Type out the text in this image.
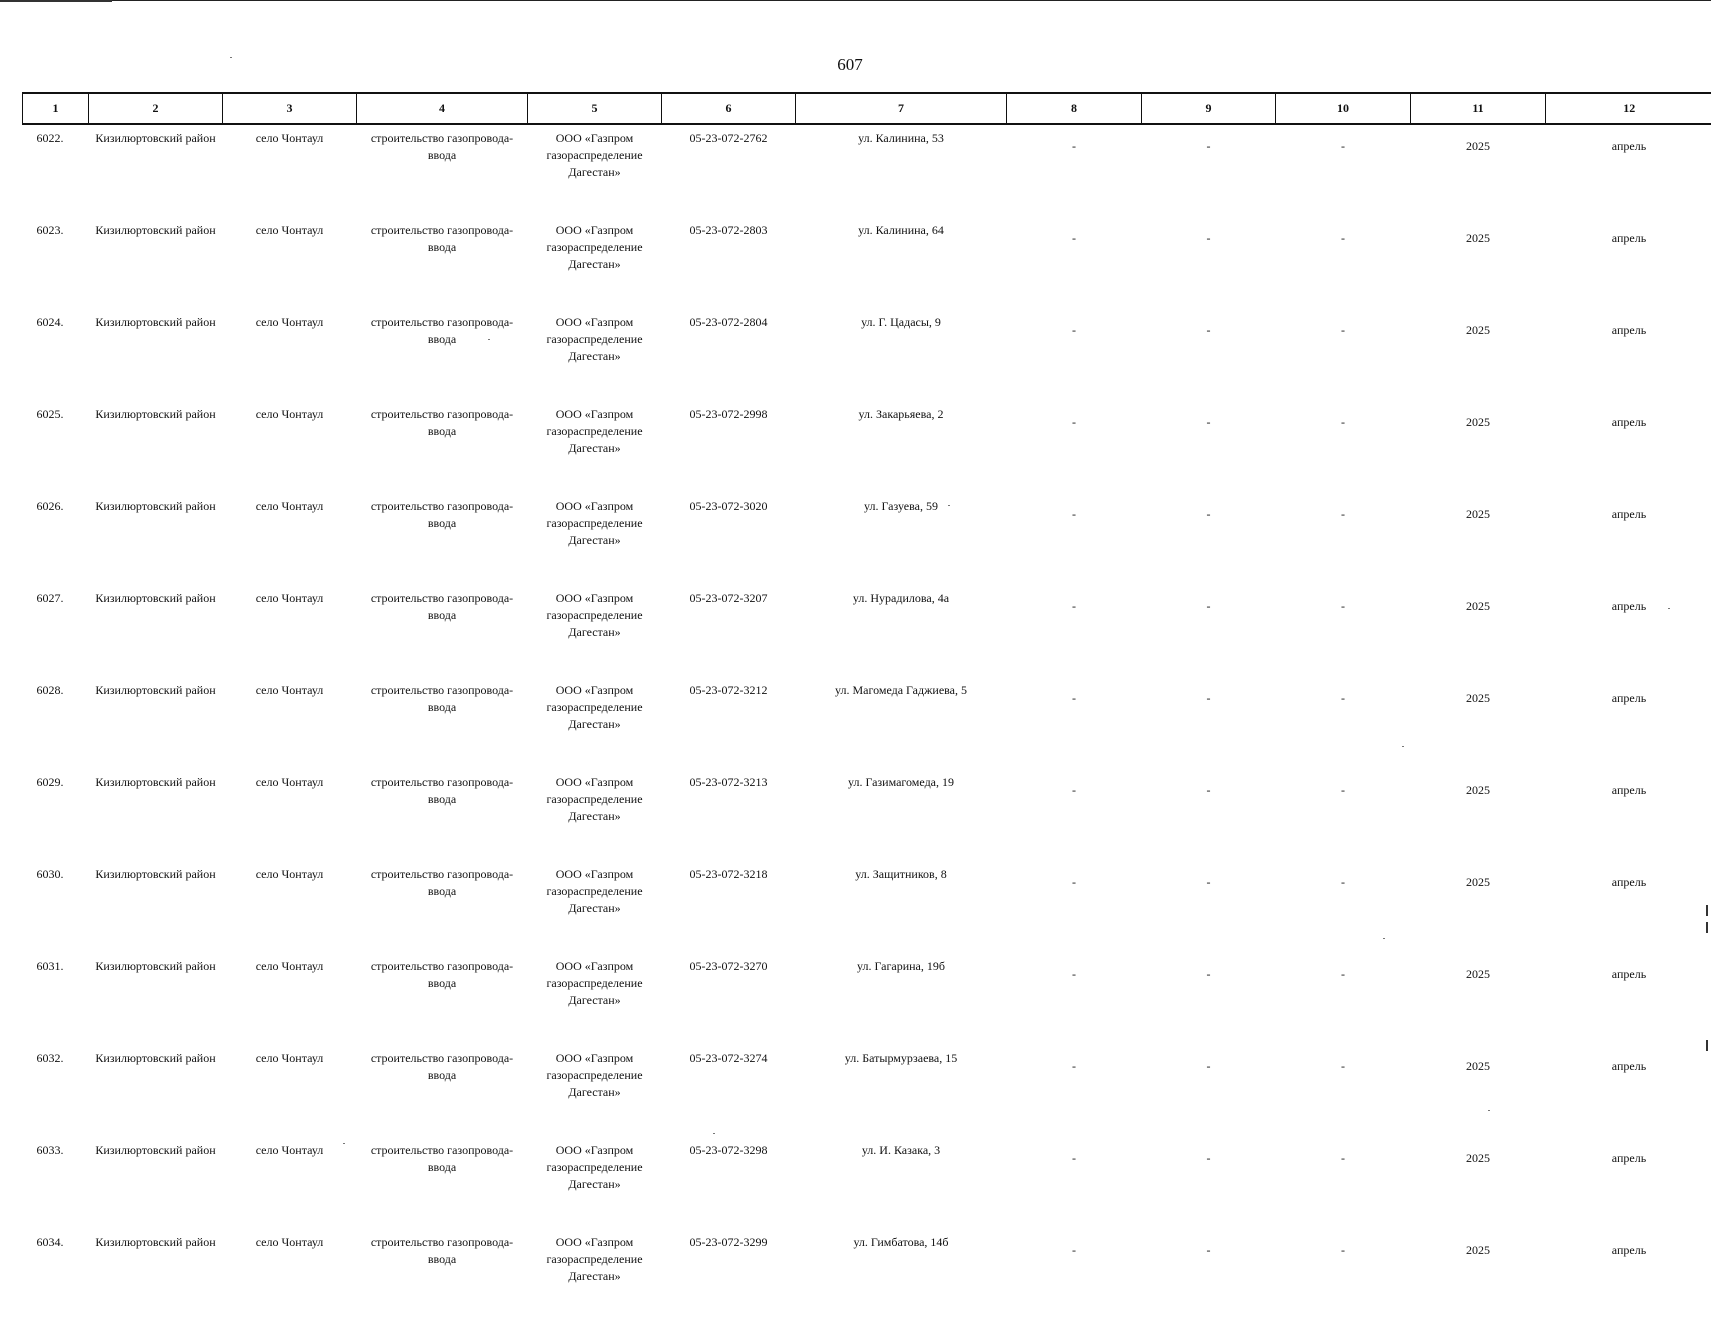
607
1	2	3	4	5	6	7	8	9	10	11	12
6022.	Кизилюртовский район	село Чонтаул	строительство газопровода-ввода	ООО «Газпром газораспределение Дагестан»	05-23-072-2762	ул. Калинина, 53	-	-	-	2025	апрель
6023.	Кизилюртовский район	село Чонтаул	строительство газопровода-ввода	ООО «Газпром газораспределение Дагестан»	05-23-072-2803	ул. Калинина, 64	-	-	-	2025	апрель
6024.	Кизилюртовский район	село Чонтаул	строительство газопровода-ввода	ООО «Газпром газораспределение Дагестан»	05-23-072-2804	ул. Г. Цадасы, 9	-	-	-	2025	апрель
6025.	Кизилюртовский район	село Чонтаул	строительство газопровода-ввода	ООО «Газпром газораспределение Дагестан»	05-23-072-2998	ул. Закарьяева, 2	-	-	-	2025	апрель
6026.	Кизилюртовский район	село Чонтаул	строительство газопровода-ввода	ООО «Газпром газораспределение Дагестан»	05-23-072-3020	ул. Газуева, 59	-	-	-	2025	апрель
6027.	Кизилюртовский район	село Чонтаул	строительство газопровода-ввода	ООО «Газпром газораспределение Дагестан»	05-23-072-3207	ул. Нурадилова, 4а	-	-	-	2025	апрель
6028.	Кизилюртовский район	село Чонтаул	строительство газопровода-ввода	ООО «Газпром газораспределение Дагестан»	05-23-072-3212	ул. Магомеда Гаджиева, 5	-	-	-	2025	апрель
6029.	Кизилюртовский район	село Чонтаул	строительство газопровода-ввода	ООО «Газпром газораспределение Дагестан»	05-23-072-3213	ул. Газимагомеда, 19	-	-	-	2025	апрель
6030.	Кизилюртовский район	село Чонтаул	строительство газопровода-ввода	ООО «Газпром газораспределение Дагестан»	05-23-072-3218	ул. Защитников, 8	-	-	-	2025	апрель
6031.	Кизилюртовский район	село Чонтаул	строительство газопровода-ввода	ООО «Газпром газораспределение Дагестан»	05-23-072-3270	ул. Гагарина, 19б	-	-	-	2025	апрель
6032.	Кизилюртовский район	село Чонтаул	строительство газопровода-ввода	ООО «Газпром газораспределение Дагестан»	05-23-072-3274	ул. Батырмурзаева, 15	-	-	-	2025	апрель
6033.	Кизилюртовский район	село Чонтаул	строительство газопровода-ввода	ООО «Газпром газораспределение Дагестан»	05-23-072-3298	ул. И. Казака, 3	-	-	-	2025	апрель
6034.	Кизилюртовский район	село Чонтаул	строительство газопровода-ввода	ООО «Газпром газораспределение Дагестан»	05-23-072-3299	ул. Гимбатова, 14б	-	-	-	2025	апрель
